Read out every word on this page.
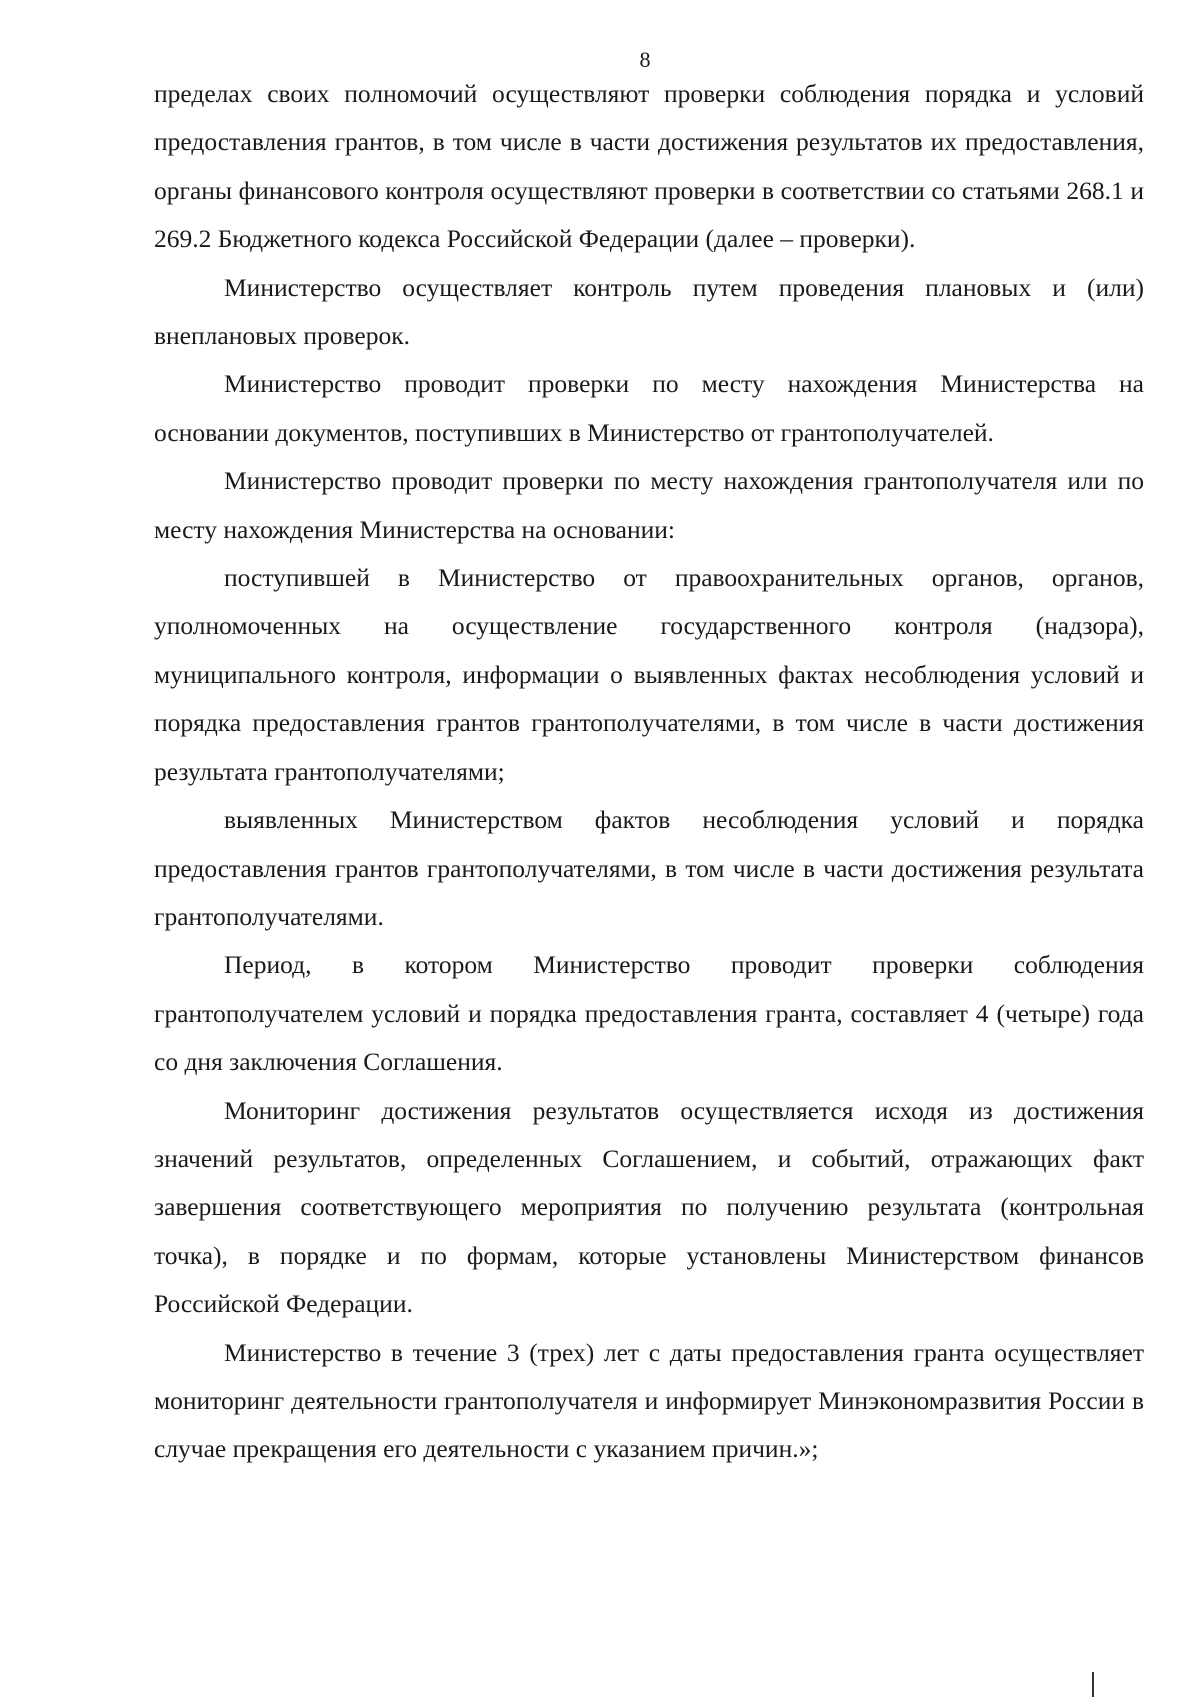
8

пределах своих полномочий осуществляют проверки соблюдения порядка и условий предоставления грантов, в том числе в части достижения результатов их предоставления, органы финансового контроля осуществляют проверки в соответствии со статьями 268.1 и 269.2 Бюджетного кодекса Российской Федерации (далее – проверки).

Министерство осуществляет контроль путем проведения плановых и (или) внеплановых проверок.

Министерство проводит проверки по месту нахождения Министерства на основании документов, поступивших в Министерство от грантополучателей.

Министерство проводит проверки по месту нахождения грантополучателя или по месту нахождения Министерства на основании:

поступившей в Министерство от правоохранительных органов, органов, уполномоченных на осуществление государственного контроля (надзора), муниципального контроля, информации о выявленных фактах несоблюдения условий и порядка предоставления грантов грантополучателями, в том числе в части достижения результата грантополучателями;

выявленных Министерством фактов несоблюдения условий и порядка предоставления грантов грантополучателями, в том числе в части достижения результата грантополучателями.

Период, в котором Министерство проводит проверки соблюдения грантополучателем условий и порядка предоставления гранта, составляет 4 (четыре) года со дня заключения Соглашения.

Мониторинг достижения результатов осуществляется исходя из достижения значений результатов, определенных Соглашением, и событий, отражающих факт завершения соответствующего мероприятия по получению результата (контрольная точка), в порядке и по формам, которые установлены Министерством финансов Российской Федерации.

Министерство в течение 3 (трех) лет с даты предоставления гранта осуществляет мониторинг деятельности грантополучателя и информирует Минэкономразвития России в случае прекращения его деятельности с указанием причин.»;
